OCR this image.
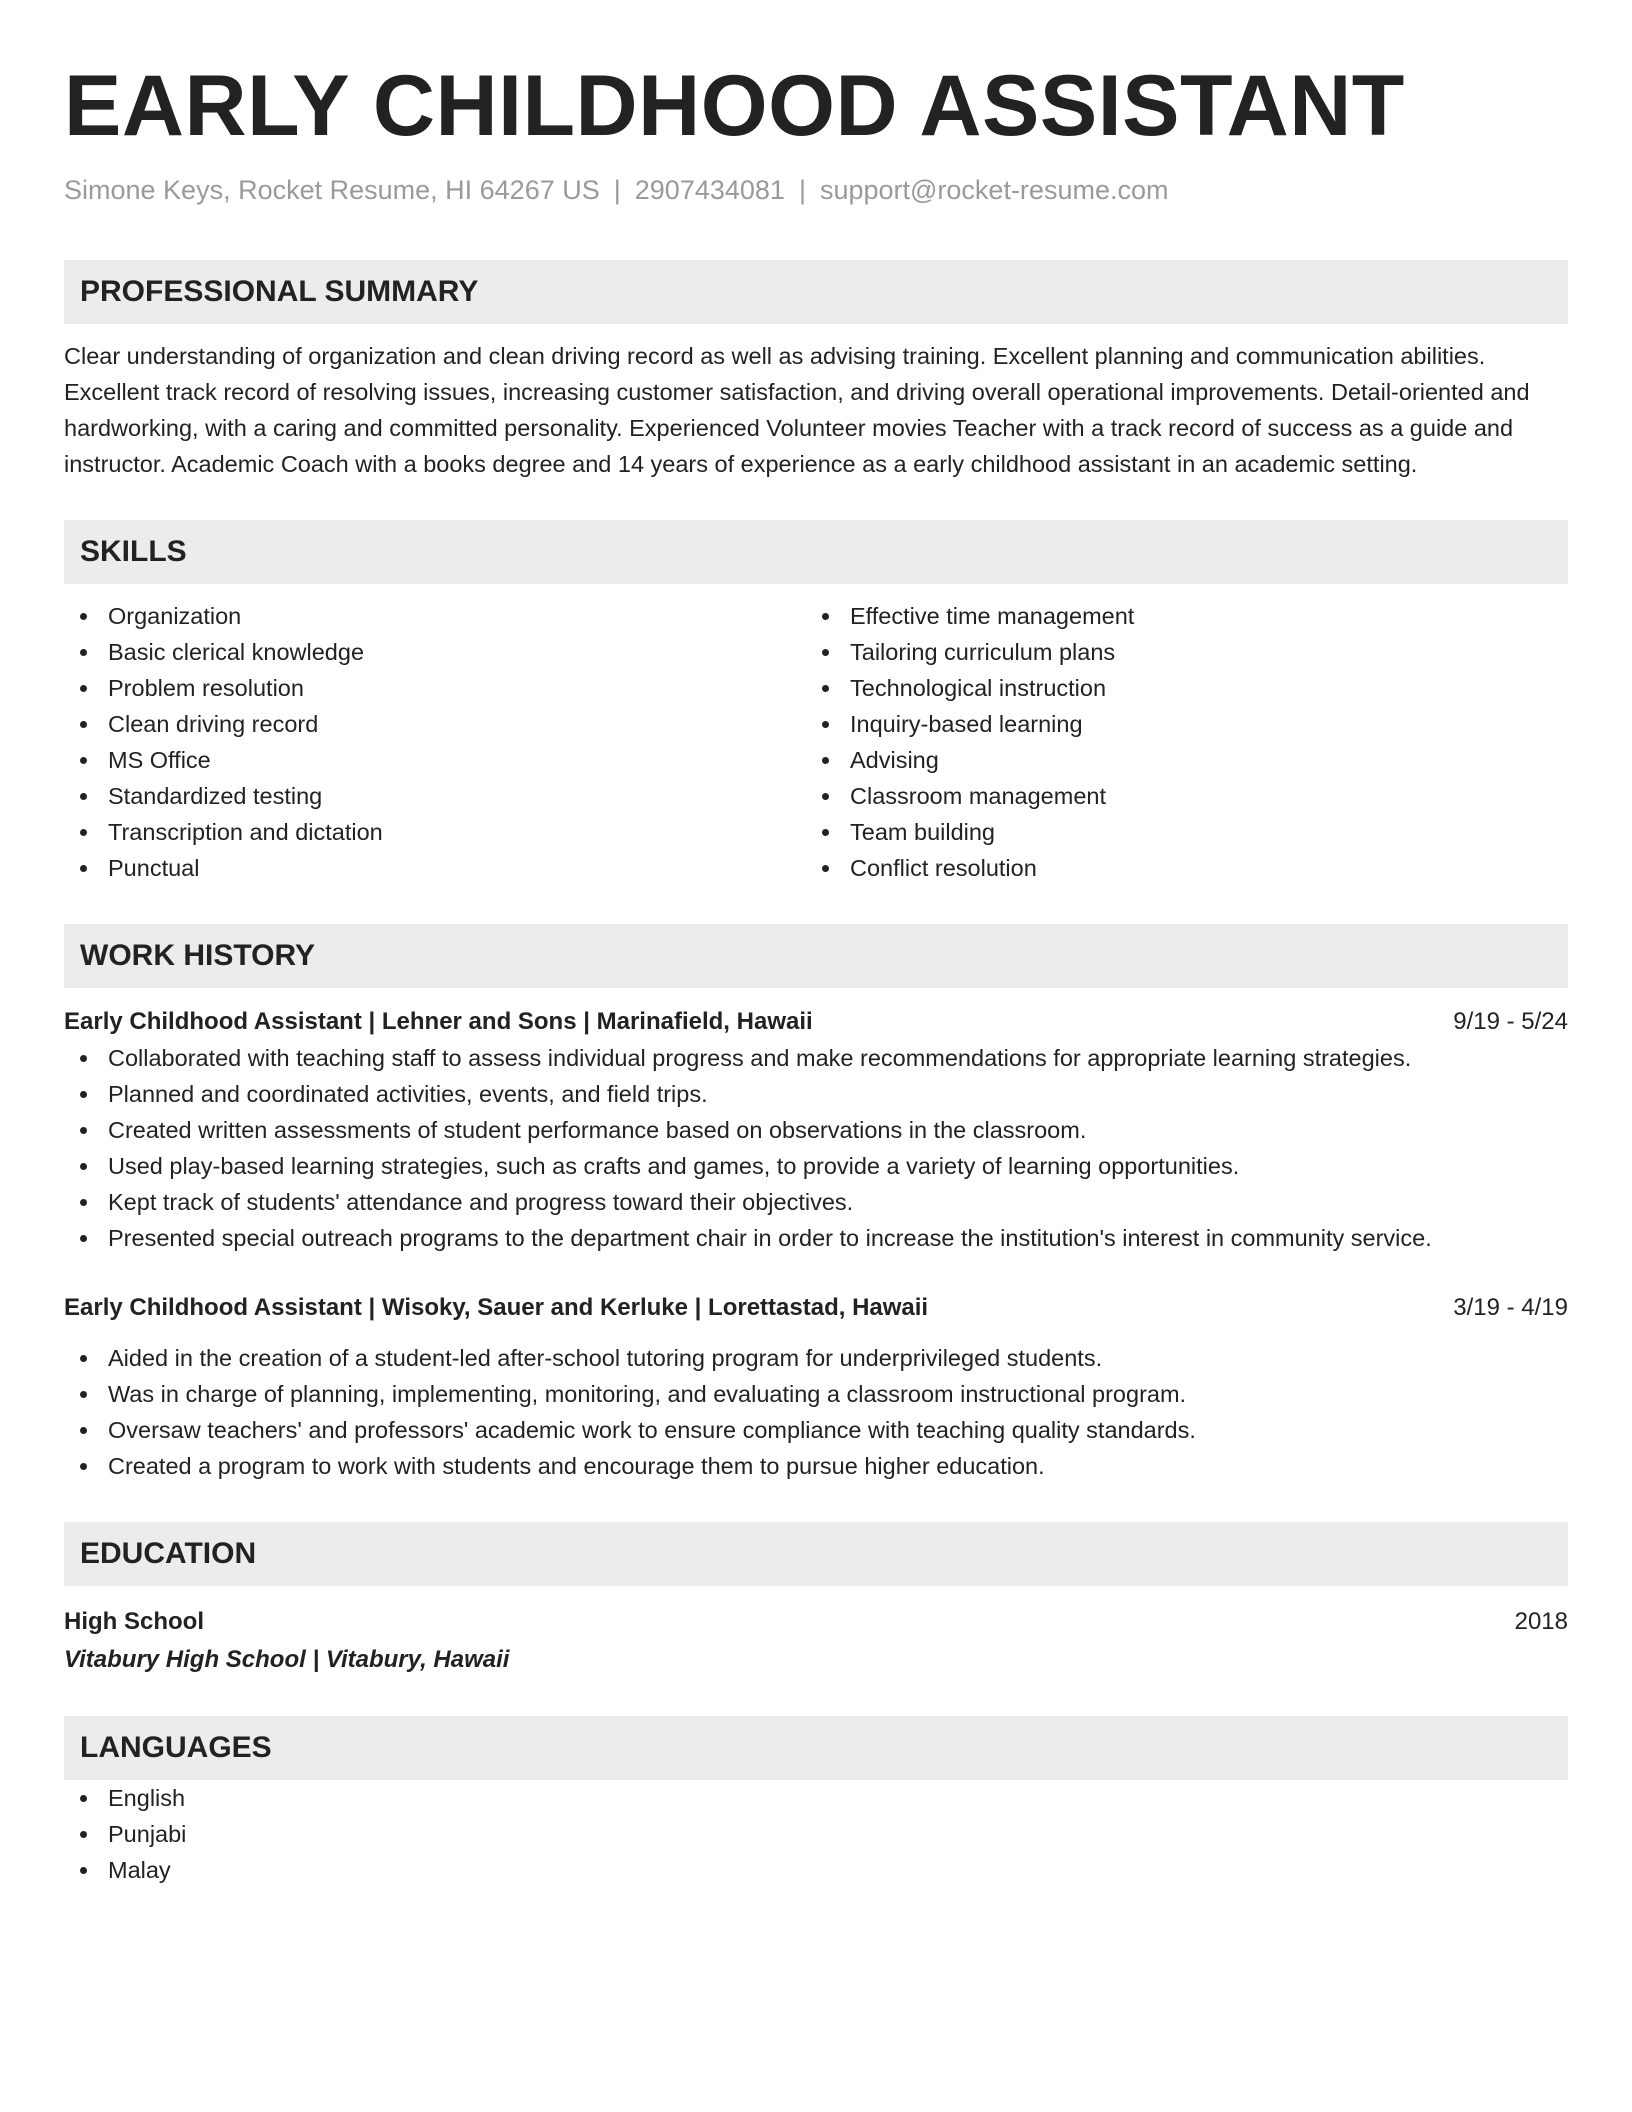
EARLY CHILDHOOD ASSISTANT
Simone Keys, Rocket Resume, HI 64267 US | 2907434081 | support@rocket-resume.com
PROFESSIONAL SUMMARY
Clear understanding of organization and clean driving record as well as advising training. Excellent planning and communication abilities. Excellent track record of resolving issues, increasing customer satisfaction, and driving overall operational improvements. Detail-oriented and hardworking, with a caring and committed personality. Experienced Volunteer movies Teacher with a track record of success as a guide and instructor. Academic Coach with a books degree and 14 years of experience as a early childhood assistant in an academic setting.
SKILLS
Organization
Basic clerical knowledge
Problem resolution
Clean driving record
MS Office
Standardized testing
Transcription and dictation
Punctual
Effective time management
Tailoring curriculum plans
Technological instruction
Inquiry-based learning
Advising
Classroom management
Team building
Conflict resolution
WORK HISTORY
Early Childhood Assistant | Lehner and Sons | Marinafield, Hawaii	9/19 - 5/24
Collaborated with teaching staff to assess individual progress and make recommendations for appropriate learning strategies.
Planned and coordinated activities, events, and field trips.
Created written assessments of student performance based on observations in the classroom.
Used play-based learning strategies, such as crafts and games, to provide a variety of learning opportunities.
Kept track of students' attendance and progress toward their objectives.
Presented special outreach programs to the department chair in order to increase the institution's interest in community service.
Early Childhood Assistant | Wisoky, Sauer and Kerluke | Lorettastad, Hawaii	3/19 - 4/19
Aided in the creation of a student-led after-school tutoring program for underprivileged students.
Was in charge of planning, implementing, monitoring, and evaluating a classroom instructional program.
Oversaw teachers' and professors' academic work to ensure compliance with teaching quality standards.
Created a program to work with students and encourage them to pursue higher education.
EDUCATION
High School	2018
Vitabury High School | Vitabury, Hawaii
LANGUAGES
English
Punjabi
Malay
